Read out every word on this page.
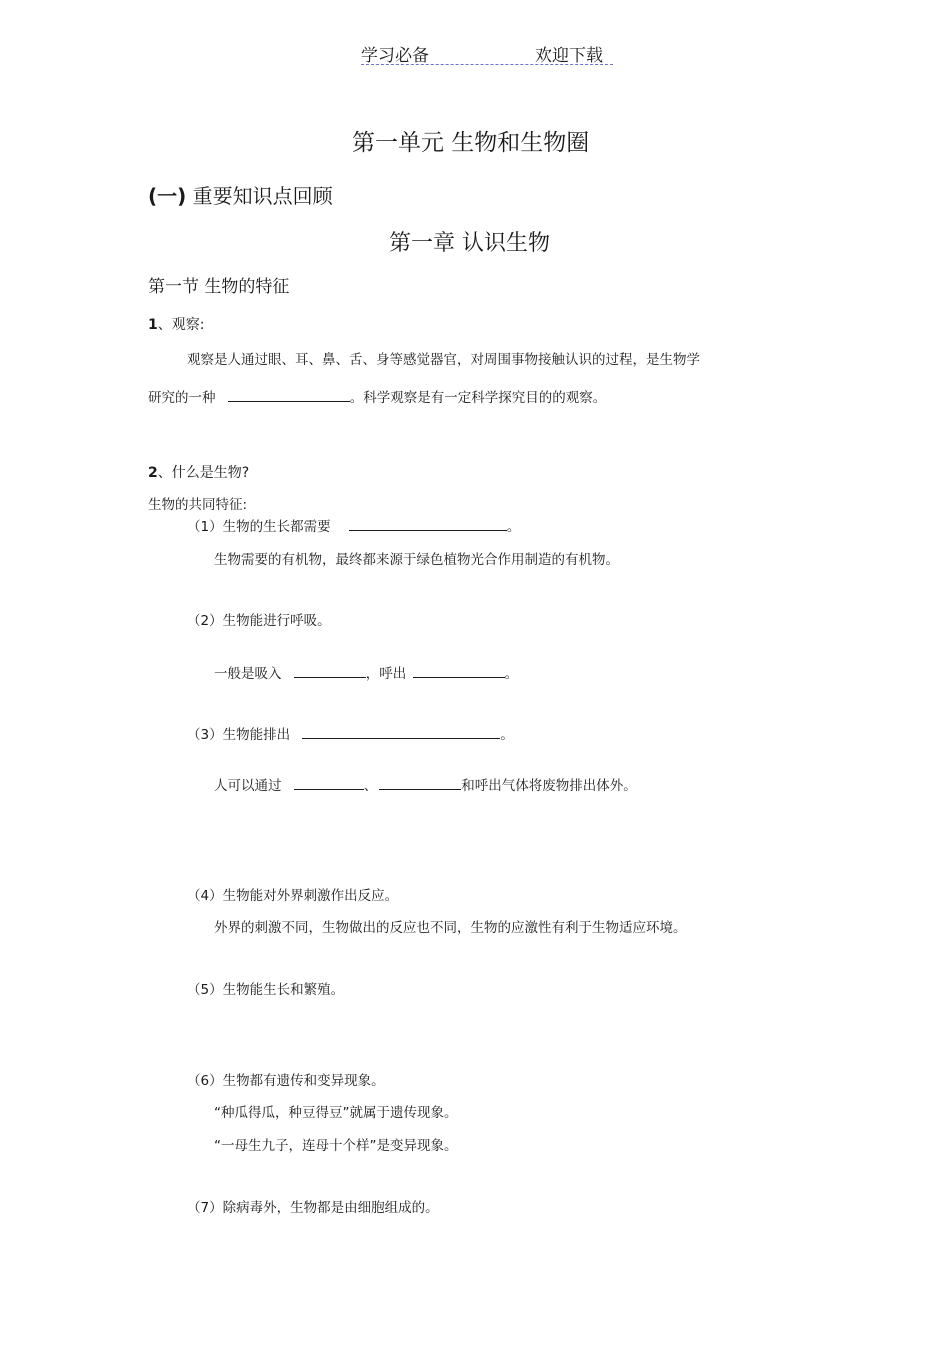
学习必备	欢迎下载
第一单元 生物和生物圈
(一) 重要知识点回顾
第一章 认识生物
第一节 生物的特征
1、观察:
观察是人通过眼、耳、鼻、舌、身等感觉器官，对周围事物接触认识的过程，是生物学
研究的一种	。科学观察是有一定科学探究目的的观察。
2、什么是生物?
生物的共同特征:
（1）生物的生长都需要	。
生物需要的有机物，最终都来源于绿色植物光合作用制造的有机物。
（2）生物能进行呼吸。
一般是吸入	，呼出	。
（3）生物能排出	。
人可以通过	、	和呼出气体将废物排出体外。
（4）生物能对外界刺激作出反应。
外界的刺激不同，生物做出的反应也不同，生物的应激性有利于生物适应环境。
（5）生物能生长和繁殖。
（6）生物都有遗传和变异现象。
“种瓜得瓜，种豆得豆”就属于遗传现象。
“一母生九子，连母十个样”是变异现象。
（7）除病毒外，生物都是由细胞组成的。
